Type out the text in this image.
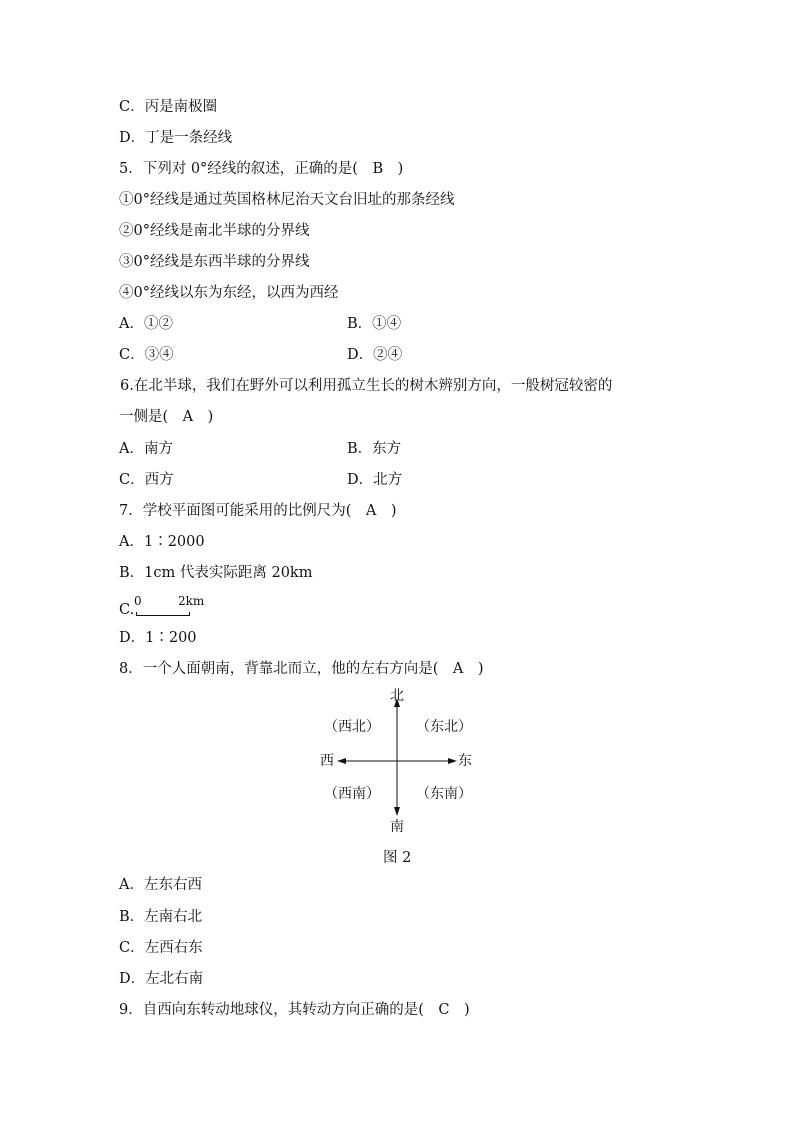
C．丙是南极圈
D．丁是一条经线
5．下列对 0°经线的叙述，正确的是(　B　)
①0°经线是通过英国格林尼治天文台旧址的那条经线
②0°经线是南北半球的分界线
③0°经线是东西半球的分界线
④0°经线以东为东经，以西为西经
A．①②	B．①④
C．③④	D．②④
6.在北半球，我们在野外可以利用孤立生长的树木辨别方向，一般树冠较密的
一侧是(　A　)
A．南方	B．东方
C．西方	D．北方
7．学校平面图可能采用的比例尺为(　A　)
A．1∶2000
B．1cm 代表实际距离 20km
C.
0	2km
D．1∶200
8．一个人面朝南，背靠北而立，他的左右方向是(　A　)
北
南
西	东
（西北）	（东北）
（西南）	（东南）
图 2
A．左东右西
B．左南右北
C．左西右东
D．左北右南
9．自西向东转动地球仪，其转动方向正确的是(　C　)
